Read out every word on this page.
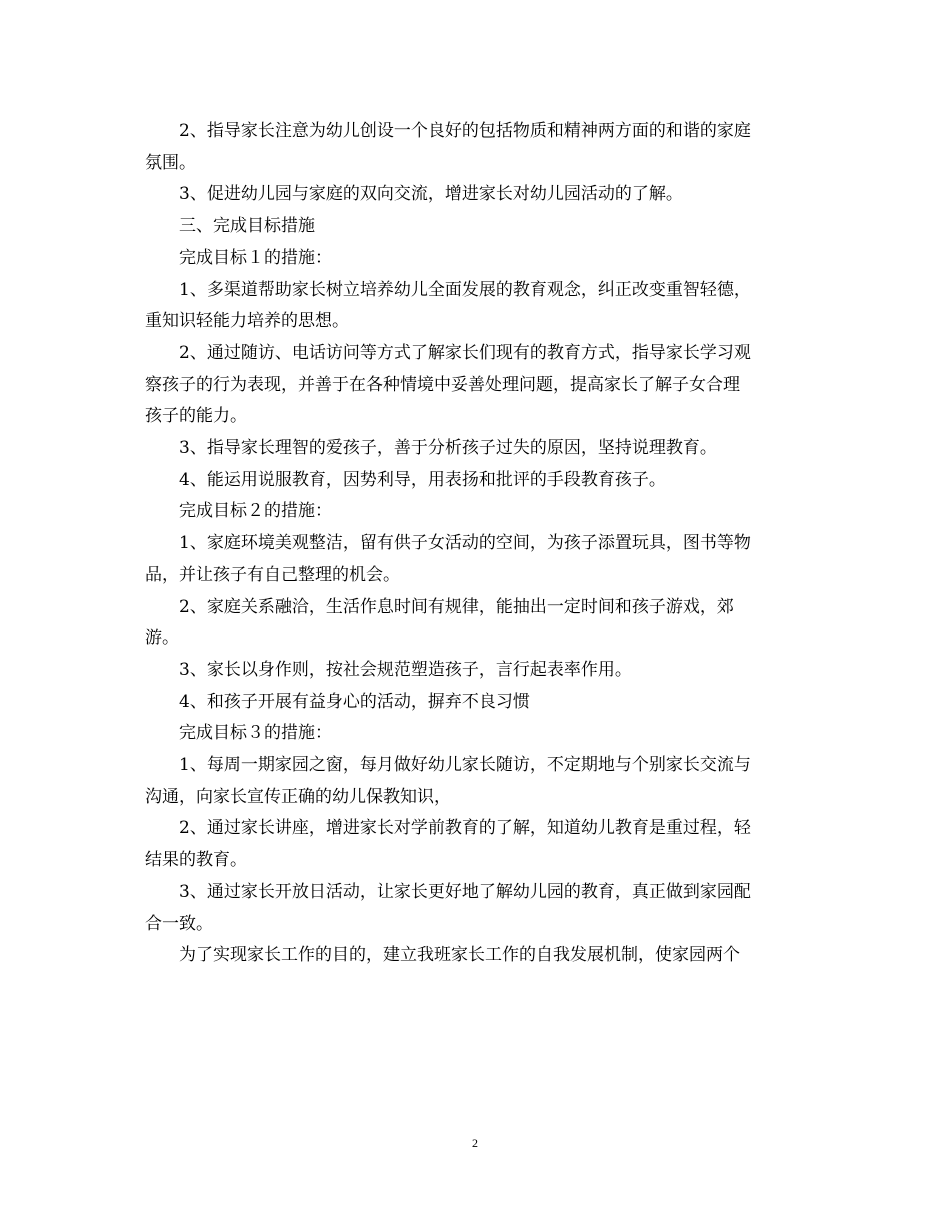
2、指导家长注意为幼儿创设一个良好的包括物质和精神两方面的和谐的家庭
氛围。
3、促进幼儿园与家庭的双向交流，增进家长对幼儿园活动的了解。
三、完成目标措施
完成目标１的措施：
1、多渠道帮助家长树立培养幼儿全面发展的教育观念，纠正改变重智轻德，
重知识轻能力培养的思想。
2、通过随访、电话访问等方式了解家长们现有的教育方式，指导家长学习观
察孩子的行为表现，并善于在各种情境中妥善处理问题，提高家长了解子女合理
孩子的能力。
3、指导家长理智的爱孩子，善于分析孩子过失的原因，坚持说理教育。
4、能运用说服教育，因势利导，用表扬和批评的手段教育孩子。
完成目标２的措施：
1、家庭环境美观整洁，留有供子女活动的空间，为孩子添置玩具，图书等物
品，并让孩子有自己整理的机会。
2、家庭关系融洽，生活作息时间有规律，能抽出一定时间和孩子游戏，郊
游。
3、家长以身作则，按社会规范塑造孩子，言行起表率作用。
4、和孩子开展有益身心的活动，摒弃不良习惯
完成目标３的措施：
1、每周一期家园之窗，每月做好幼儿家长随访，不定期地与个别家长交流与
沟通，向家长宣传正确的幼儿保教知识，
2、通过家长讲座，增进家长对学前教育的了解，知道幼儿教育是重过程，轻
结果的教育。
3、通过家长开放日活动，让家长更好地了解幼儿园的教育，真正做到家园配
合一致。
为了实现家长工作的目的，建立我班家长工作的自我发展机制，使家园两个
2
